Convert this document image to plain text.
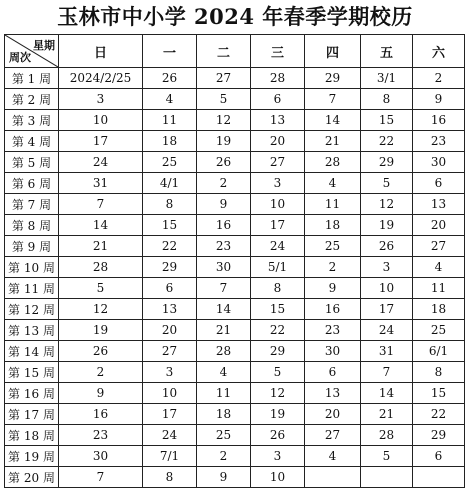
玉林市中小学 2024 年春季学期校历
星期
周次	日	一	二	三	四	五	六
第 1 周	2024/2/25	26	27	28	29	3/1	2
第 2 周	3	4	5	6	7	8	9
第 3 周	10	11	12	13	14	15	16
第 4 周	17	18	19	20	21	22	23
第 5 周	24	25	26	27	28	29	30
第 6 周	31	4/1	2	3	4	5	6
第 7 周	7	8	9	10	11	12	13
第 8 周	14	15	16	17	18	19	20
第 9 周	21	22	23	24	25	26	27
第 10 周	28	29	30	5/1	2	3	4
第 11 周	5	6	7	8	9	10	11
第 12 周	12	13	14	15	16	17	18
第 13 周	19	20	21	22	23	24	25
第 14 周	26	27	28	29	30	31	6/1
第 15 周	2	3	4	5	6	7	8
第 16 周	9	10	11	12	13	14	15
第 17 周	16	17	18	19	20	21	22
第 18 周	23	24	25	26	27	28	29
第 19 周	30	7/1	2	3	4	5	6
第 20 周	7	8	9	10			
